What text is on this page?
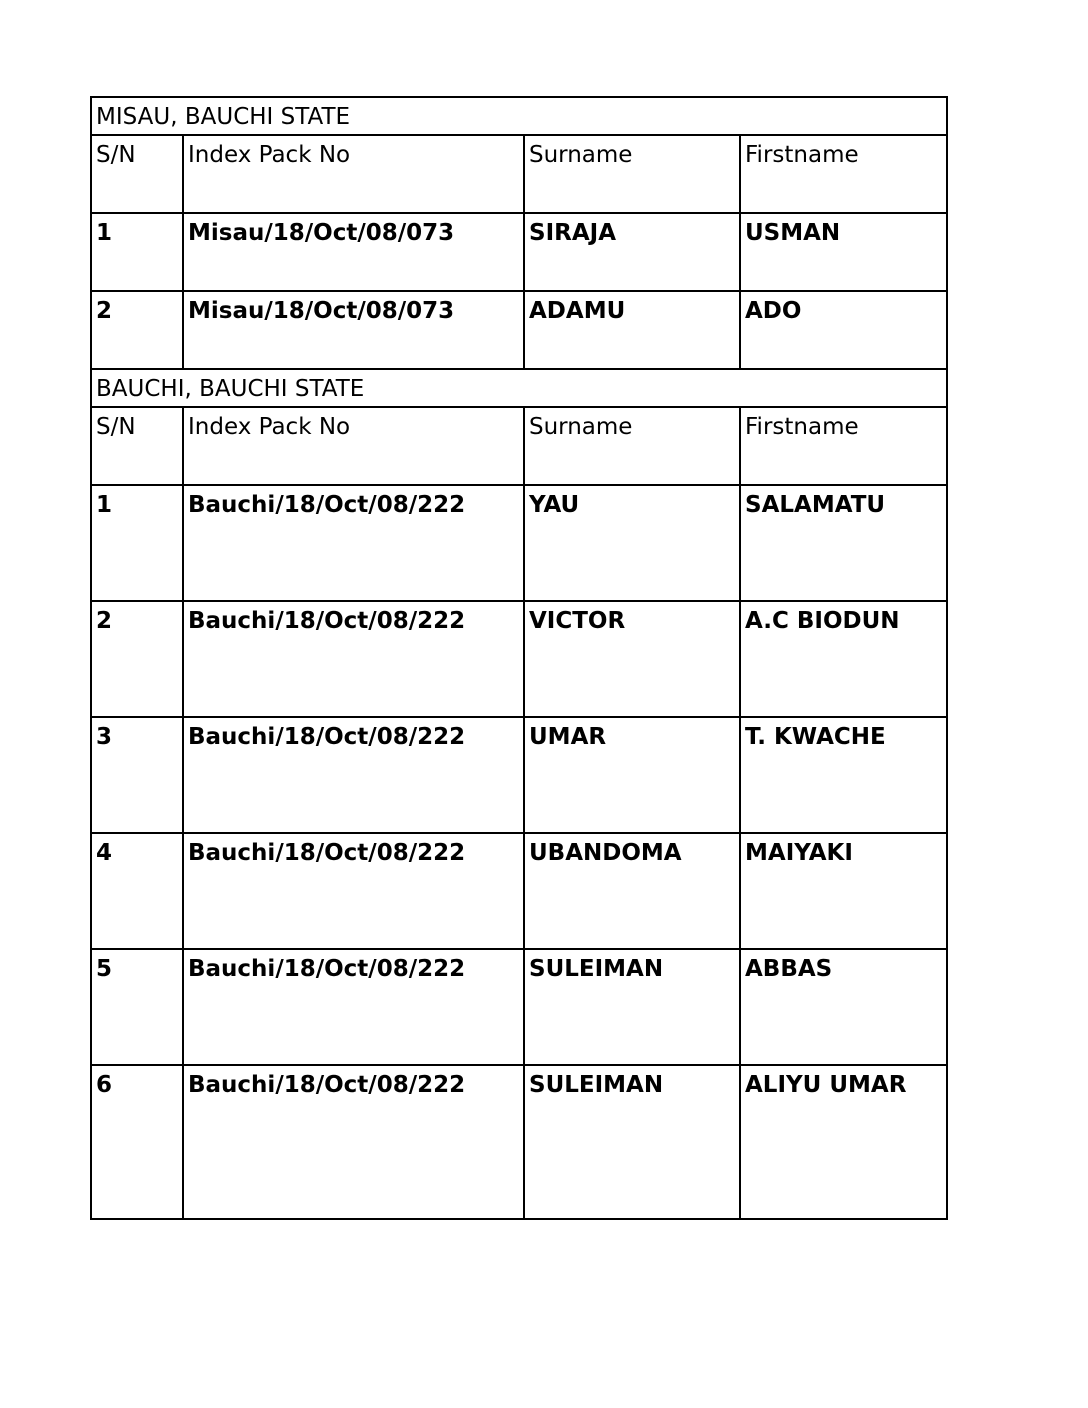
MISAU, BAUCHI STATE			
S/N	Index Pack No	Surname	Firstname
1	Misau/18/Oct/08/073	SIRAJA	USMAN
2	Misau/18/Oct/08/073	ADAMU	ADO
BAUCHI, BAUCHI STATE			
S/N	Index Pack No	Surname	Firstname
1	Bauchi/18/Oct/08/222	YAU	SALAMATU
2	Bauchi/18/Oct/08/222	VICTOR	A.C BIODUN
3	Bauchi/18/Oct/08/222	UMAR	T. KWACHE
4	Bauchi/18/Oct/08/222	UBANDOMA	MAIYAKI
5	Bauchi/18/Oct/08/222	SULEIMAN	ABBAS
6	Bauchi/18/Oct/08/222	SULEIMAN	ALIYU UMAR
